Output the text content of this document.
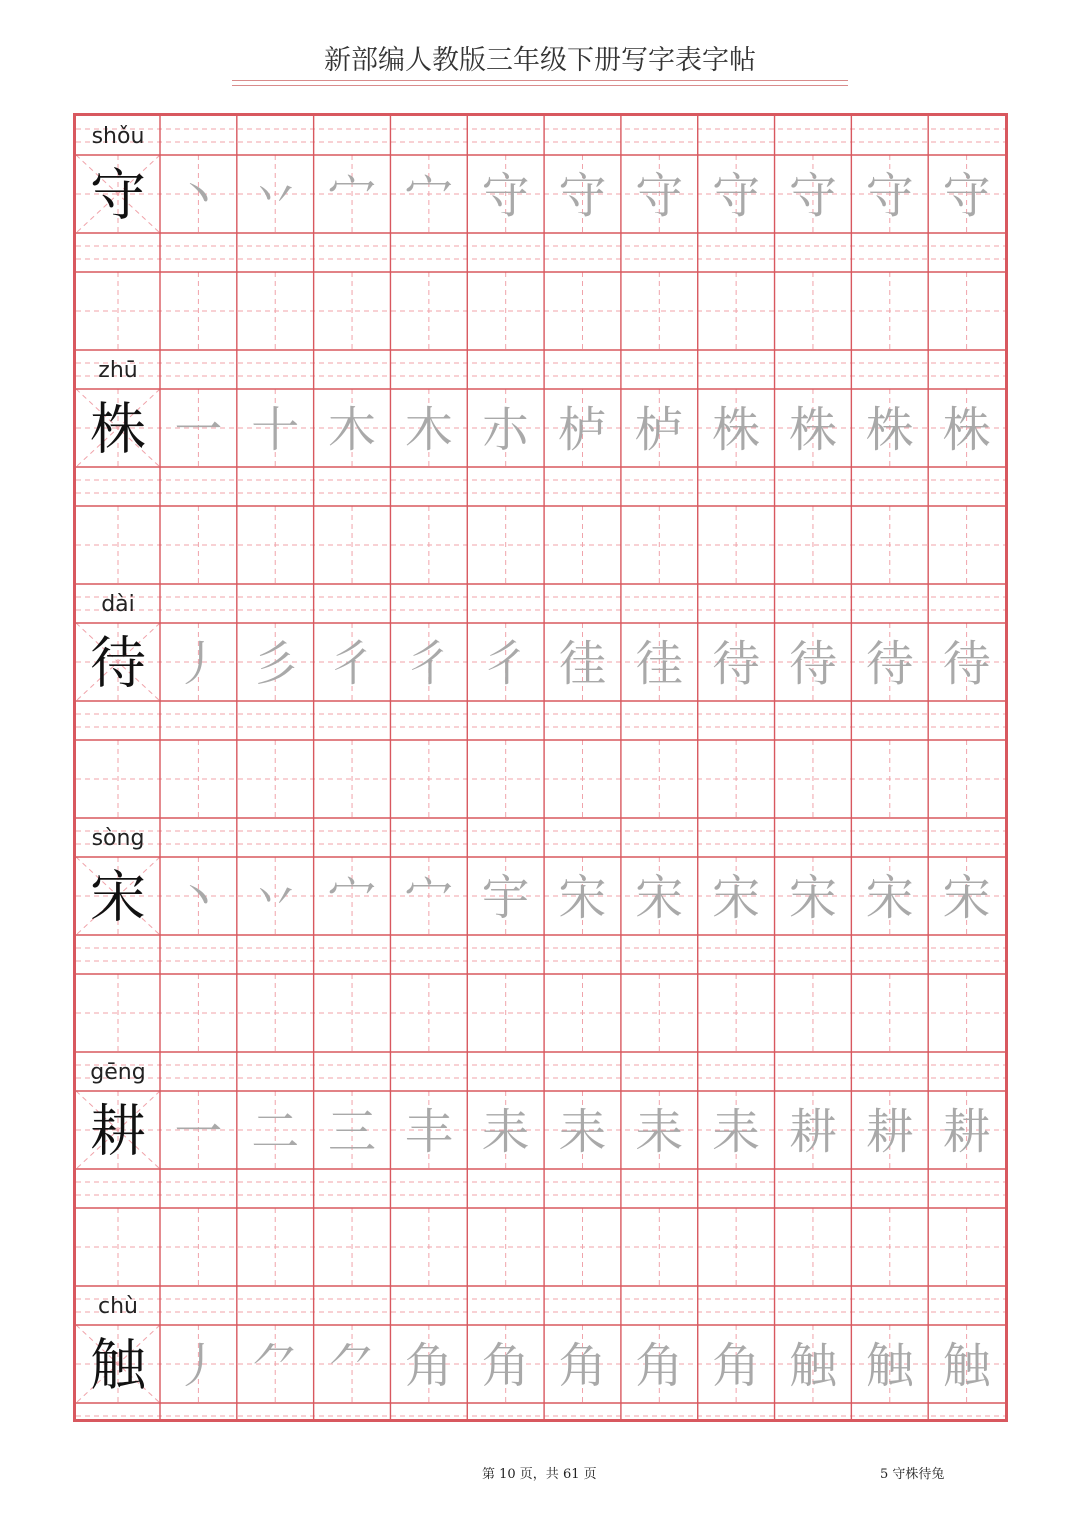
新部编人教版三年级下册写字表字帖
shǒu
守 丶 丷 宀 宀 守 守 守 守 守 守 守
zhū
株 一 十 木 木 朩 栌 栌 株 株 株 株
dài
待 丿 彡 彳 彳 彳 徍 徍 待 待 待 待
sòng
宋 丶 丷 宀 宀 宇 宋 宋 宋 宋 宋 宋
gēng
耕 一 二 三 丰 耒 耒 耒 耒 耕 耕 耕
chù
触 丿 ⺈ ⺈ 角 角 角 角 角 触 触 触
第 10 页，共 61 页	5 守株待兔
